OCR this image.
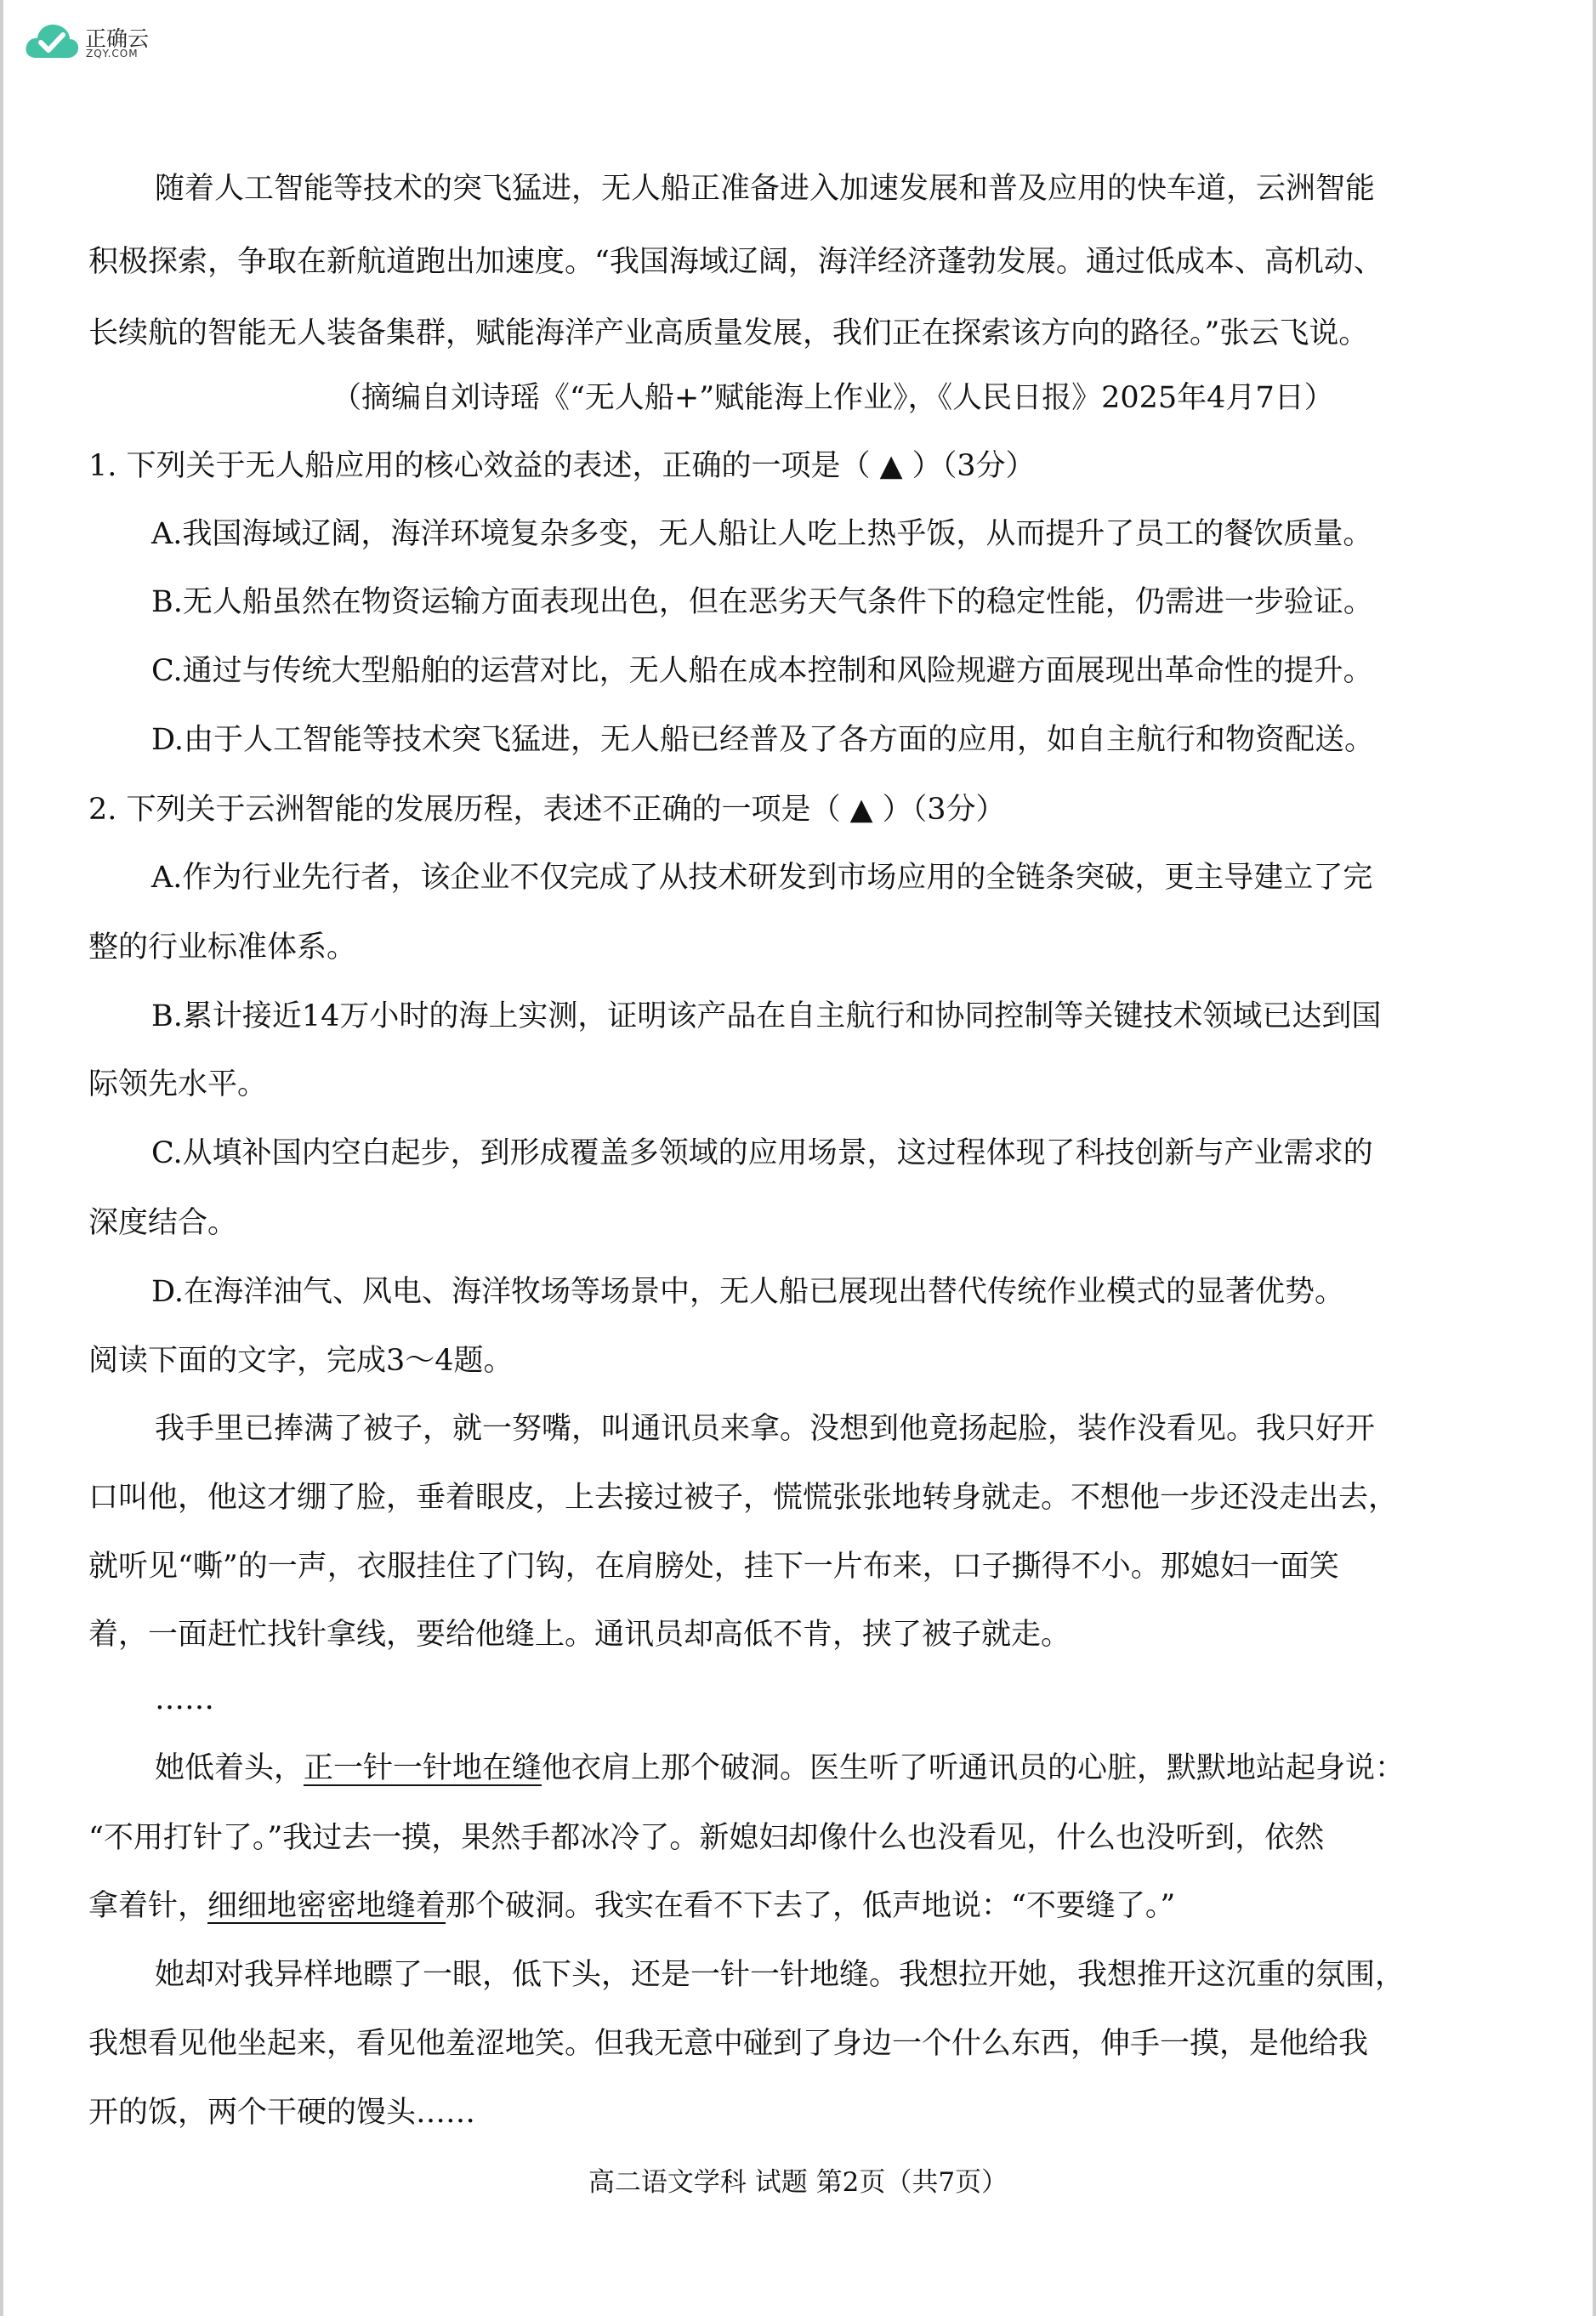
正确云
ZQY.COM
随着人工智能等技术的突飞猛进，无人船正准备进入加速发展和普及应用的快车道，云洲智能
积极探索，争取在新航道跑出加速度。“我国海域辽阔，海洋经济蓬勃发展。通过低成本、高机动、
长续航的智能无人装备集群，赋能海洋产业高质量发展，我们正在探索该方向的路径。”张云飞说。
（摘编自刘诗瑶《“无人船+”赋能海上作业》，《人民日报》2025年4月7日）
1. 下列关于无人船应用的核心效益的表述，正确的一项是（ ▲ ）（3分）
A.我国海域辽阔，海洋环境复杂多变，无人船让人吃上热乎饭，从而提升了员工的餐饮质量。
B.无人船虽然在物资运输方面表现出色，但在恶劣天气条件下的稳定性能，仍需进一步验证。
C.通过与传统大型船舶的运营对比，无人船在成本控制和风险规避方面展现出革命性的提升。
D.由于人工智能等技术突飞猛进，无人船已经普及了各方面的应用，如自主航行和物资配送。
2. 下列关于云洲智能的发展历程，表述不正确的一项是（ ▲ ）（3分）
A.作为行业先行者，该企业不仅完成了从技术研发到市场应用的全链条突破，更主导建立了完
整的行业标准体系。
B.累计接近14万小时的海上实测，证明该产品在自主航行和协同控制等关键技术领域已达到国
际领先水平。
C.从填补国内空白起步，到形成覆盖多领域的应用场景，这过程体现了科技创新与产业需求的
深度结合。
D.在海洋油气、风电、海洋牧场等场景中，无人船已展现出替代传统作业模式的显著优势。
阅读下面的文字，完成3～4题。
我手里已捧满了被子，就一努嘴，叫通讯员来拿。没想到他竟扬起脸，装作没看见。我只好开
口叫他，他这才绷了脸，垂着眼皮，上去接过被子，慌慌张张地转身就走。不想他一步还没走出去，
就听见“嘶”的一声，衣服挂住了门钩，在肩膀处，挂下一片布来，口子撕得不小。那媳妇一面笑
着，一面赶忙找针拿线，要给他缝上。通讯员却高低不肯，挟了被子就走。
……
她低着头，正一针一针地在缝他衣肩上那个破洞。医生听了听通讯员的心脏，默默地站起身说：
“不用打针了。”我过去一摸，果然手都冰冷了。新媳妇却像什么也没看见，什么也没听到，依然
拿着针，细细地密密地缝着那个破洞。我实在看不下去了，低声地说：“不要缝了。”
她却对我异样地瞟了一眼，低下头，还是一针一针地缝。我想拉开她，我想推开这沉重的氛围，
我想看见他坐起来，看见他羞涩地笑。但我无意中碰到了身边一个什么东西，伸手一摸，是他给我
开的饭，两个干硬的馒头……
高二语文学科 试题 第2页（共7页）
